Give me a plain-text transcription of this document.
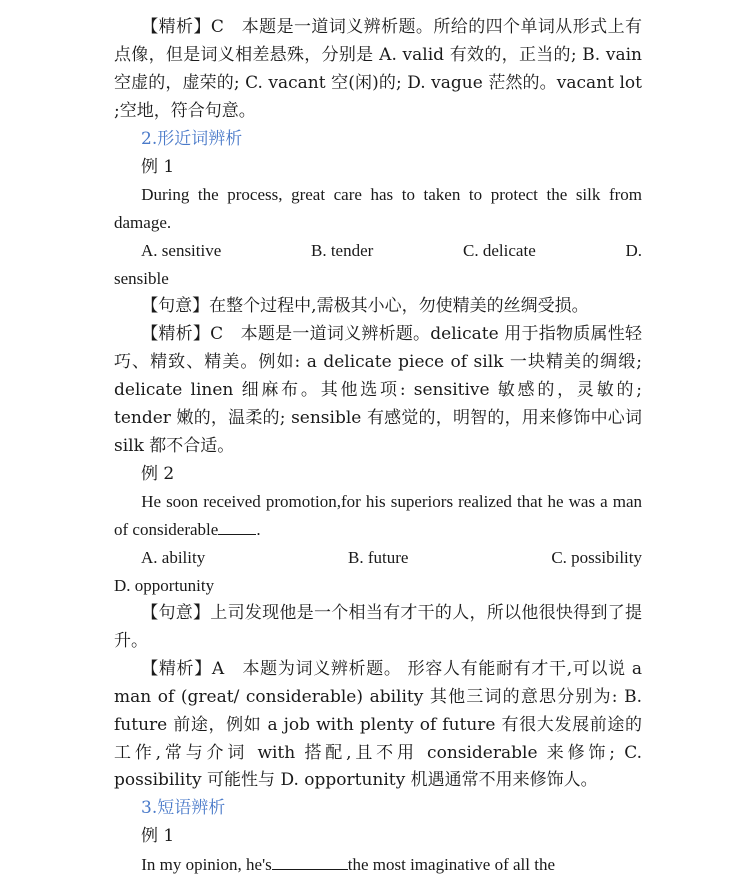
【精析】C　本题是一道词义辨析题。所给的四个单词从形式上有点像，但是词义相差悬殊，分别是 A. valid 有效的，正当的; B. vain 空虚的，虚荣的; C. vacant 空(闲)的; D. vague 茫然的。vacant lot ;空地，符合句意。

2.形近词辨析

例 1

During the process, great care has to taken to protect the silk from damage.

A. sensitive	B. tender	C. delicate	D.

sensible

【句意】在整个过程中,需极其小心，勿使精美的丝绸受损。

【精析】C　本题是一道词义辨析题。delicate 用于指物质属性轻巧、精致、精美。例如: a delicate piece of silk 一块精美的绸缎; delicate linen 细麻布。其他选项: sensitive 敏感的，灵敏的; tender 嫩的，温柔的; sensible 有感觉的，明智的，用来修饰中心词 silk 都不合适。

例 2

He soon received promotion,for his superiors realized that he was a man of considerable .

A. ability	B. future	C. possibility

D. opportunity

【句意】上司发现他是一个相当有才干的人，所以他很快得到了提升。

【精析】A　本题为词义辨析题。 形容人有能耐有才干,可以说 a man of (great/ considerable) ability 其他三词的意思分别为: B. future 前途，例如 a job with plenty of future 有很大发展前途的工作,常与介词 with 搭配,且不用 considerable 来修饰; C. possibility 可能性与 D. opportunity 机遇通常不用来修饰人。

3.短语辨析

例 1

In my opinion, he's	the most imaginative of all the
